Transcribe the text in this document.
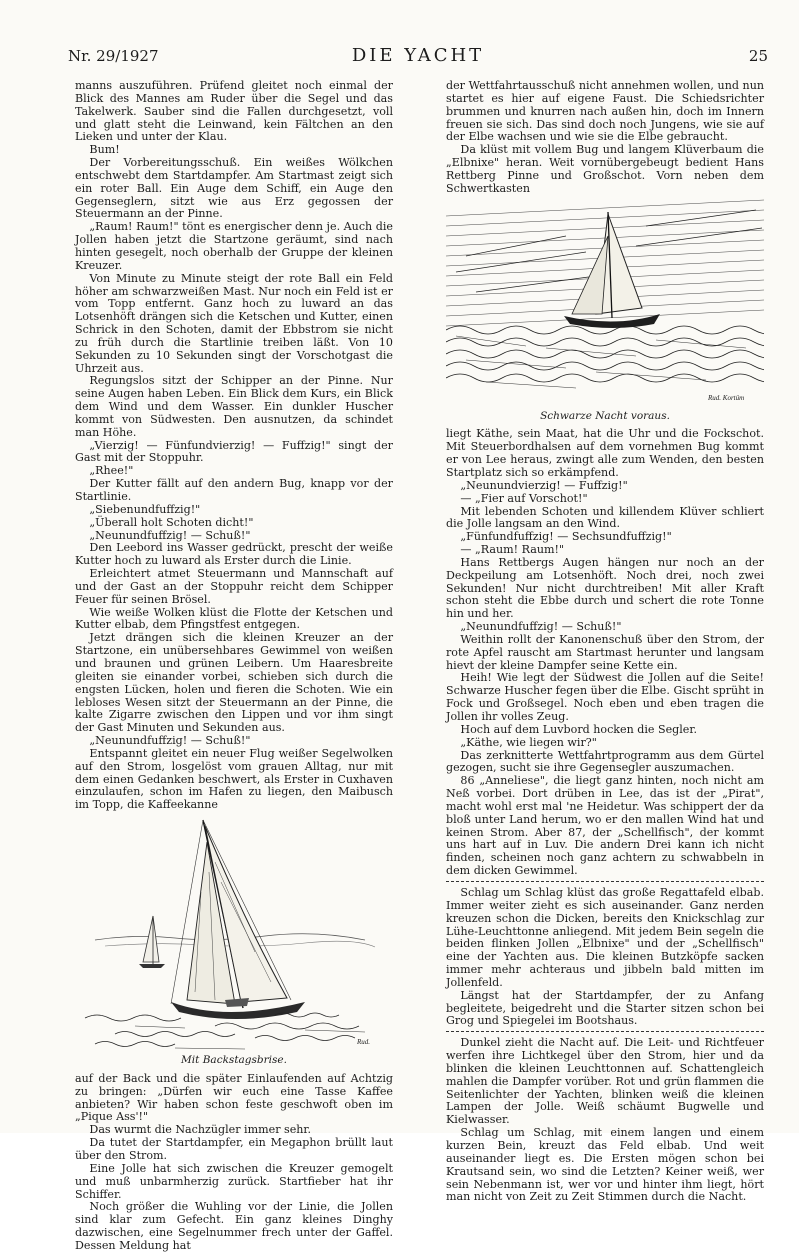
Nr. 29/1927	DIE YACHT	25

manns auszuführen. Prüfend gleitet noch einmal der Blick des Mannes am Ruder über die Segel und das Takelwerk. Sauber sind die Fallen durchgesetzt, voll und glatt steht die Leinwand, kein Fältchen an den Lieken und unter der Klau.

Bum!

Der Vorbereitungsschuß. Ein weißes Wölkchen entschwebt dem Startdampfer. Am Startmast zeigt sich ein roter Ball. Ein Auge dem Schiff, ein Auge den Gegenseglern, sitzt wie aus Erz gegossen der Steuermann an der Pinne.

„Raum! Raum!" tönt es energischer denn je. Auch die Jollen haben jetzt die Startzone geräumt, sind nach hinten gesegelt, noch oberhalb der Gruppe der kleinen Kreuzer.

Von Minute zu Minute steigt der rote Ball ein Feld höher am schwarzweißen Mast. Nur noch ein Feld ist er vom Topp entfernt. Ganz hoch zu luward an das Lotsenhöft drängen sich die Ketschen und Kutter, einen Schrick in den Schoten, damit der Ebbstrom sie nicht zu früh durch die Startlinie treiben läßt. Von 10 Sekunden zu 10 Sekunden singt der Vorschotgast die Uhrzeit aus.

Regungslos sitzt der Schipper an der Pinne. Nur seine Augen haben Leben. Ein Blick dem Kurs, ein Blick dem Wind und dem Wasser. Ein dunkler Huscher kommt von Südwesten. Den ausnutzen, da schindet man Höhe.

„Vierzig! — Fünfundvierzig! — Fuffzig!" singt der Gast mit der Stoppuhr.

„Rhee!"

Der Kutter fällt auf den andern Bug, knapp vor der Startlinie.

„Siebenundfuffzig!"

„Überall holt Schoten dicht!"

„Neunundfuffzig! — Schuß!"

Den Leebord ins Wasser gedrückt, prescht der weiße Kutter hoch zu luward als Erster durch die Linie.

Erleichtert atmet Steuermann und Mannschaft auf und der Gast an der Stoppuhr reicht dem Schipper Feuer für seinen Brösel.

Wie weiße Wolken klüst die Flotte der Ketschen und Kutter elbab, dem Pfingstfest entgegen.

Jetzt drängen sich die kleinen Kreuzer an der Startzone, ein unübersehbares Gewimmel von weißen und braunen und grünen Leibern. Um Haaresbreite gleiten sie einander vorbei, schieben sich durch die engsten Lücken, holen und fieren die Schoten. Wie ein lebloses Wesen sitzt der Steuermann an der Pinne, die kalte Zigarre zwischen den Lippen und vor ihm singt der Gast Minuten und Sekunden aus.

„Neunundfuffzig! — Schuß!"

Entspannt gleitet ein neuer Flug weißer Segelwolken auf den Strom, losgelöst vom grauen Alltag, nur mit dem einen Gedanken beschwert, als Erster in Cuxhaven einzulaufen, schon im Hafen zu liegen, den Maibusch im Topp, die Kaffeekanne

Rud.
Mit Backstagsbrise.

auf der Back und die später Einlaufenden auf Achtzig zu bringen: „Dürfen wir euch eine Tasse Kaffee anbieten? Wir haben schon feste geschwoft oben im „Pique Ass'!"

Das wurmt die Nachzügler immer sehr.

Da tutet der Startdampfer, ein Megaphon brüllt laut über den Strom.

Eine Jolle hat sich zwischen die Kreuzer gemogelt und muß unbarmherzig zurück. Startfieber hat ihr Schiffer.

Noch größer die Wuhling vor der Linie, die Jollen sind klar zum Gefecht. Ein ganz kleines Dinghy dazwischen, eine Segelnummer frech unter der Gaffel. Dessen Meldung hat

der Wettfahrtausschuß nicht annehmen wollen, und nun startet es hier auf eigene Faust. Die Schiedsrichter brummen und knurren nach außen hin, doch im Innern freuen sie sich. Das sind doch noch Jungens, wie sie auf der Elbe wachsen und wie sie die Elbe gebraucht.

Da klüst mit vollem Bug und langem Klüverbaum die „Elbnixe" heran. Weit vornübergebeugt bedient Hans Rettberg Pinne und Großschot. Vorn neben dem Schwertkasten

Rud. Kortüm
Schwarze Nacht voraus.

liegt Käthe, sein Maat, hat die Uhr und die Fockschot. Mit Steuerbordhalsen auf dem vornehmen Bug kommt er von Lee heraus, zwingt alle zum Wenden, den besten Startplatz sich so erkämpfend.

„Neunundvierzig! — Fuffzig!"

— „Fier auf Vorschot!"

Mit lebenden Schoten und killendem Klüver schliert die Jolle langsam an den Wind.

„Fünfundfuffzig! — Sechsundfuffzig!"

— „Raum! Raum!"

Hans Rettbergs Augen hängen nur noch an der Deckpeilung am Lotsenhöft. Noch drei, noch zwei Sekunden! Nur nicht durchtreiben! Mit aller Kraft schon steht die Ebbe durch und schert die rote Tonne hin und her.

„Neunundfuffzig! — Schuß!"

Weithin rollt der Kanonenschuß über den Strom, der rote Apfel rauscht am Startmast herunter und langsam hievt der kleine Dampfer seine Kette ein.

Heih! Wie legt der Südwest die Jollen auf die Seite! Schwarze Huscher fegen über die Elbe. Gischt sprüht in Fock und Großsegel. Noch eben und eben tragen die Jollen ihr volles Zeug.

Hoch auf dem Luvbord hocken die Segler.

„Käthe, wie liegen wir?"

Das zerknitterte Wettfahrtprogramm aus dem Gürtel gezogen, sucht sie ihre Gegensegler auszumachen.

86 „Anneliese", die liegt ganz hinten, noch nicht am Neß vorbei. Dort drüben in Lee, das ist der „Pirat", macht wohl erst mal 'ne Heidetur. Was schippert der da bloß unter Land herum, wo er den mallen Wind hat und keinen Strom. Aber 87, der „Schellfisch", der kommt uns hart auf in Luv. Die andern Drei kann ich nicht finden, scheinen noch ganz achtern zu schwabbeln in dem dicken Gewimmel.

Schlag um Schlag klüst das große Regattafeld elbab. Immer weiter zieht es sich auseinander. Ganz nerden kreuzen schon die Dicken, bereits den Knickschlag zur Lühe-Leuchttonne anliegend. Mit jedem Bein segeln die beiden flinken Jollen „Elbnixe" und der „Schellfisch" eine der Yachten aus. Die kleinen Butzköpfe sacken immer mehr achteraus und jibbeln bald mitten im Jollenfeld.

Längst hat der Startdampfer, der zu Anfang begleitete, beigedreht und die Starter sitzen schon bei Grog und Spiegelei im Bootshaus.

Dunkel zieht die Nacht auf. Die Leit- und Richtfeuer werfen ihre Lichtkegel über den Strom, hier und da blinken die kleinen Leuchttonnen auf. Schattengleich mahlen die Dampfer vorüber. Rot und grün flammen die Seitenlichter der Yachten, blinken weiß die kleinen Lampen der Jolle. Weiß schäumt Bugwelle und Kielwasser.

Schlag um Schlag, mit einem langen und einem kurzen Bein, kreuzt das Feld elbab. Und weit auseinander liegt es. Die Ersten mögen schon bei Krautsand sein, wo sind die Letzten? Keiner weiß, wer sein Nebenmann ist, wer vor und hinter ihm liegt, hört man nicht von Zeit zu Zeit Stimmen durch die Nacht.
